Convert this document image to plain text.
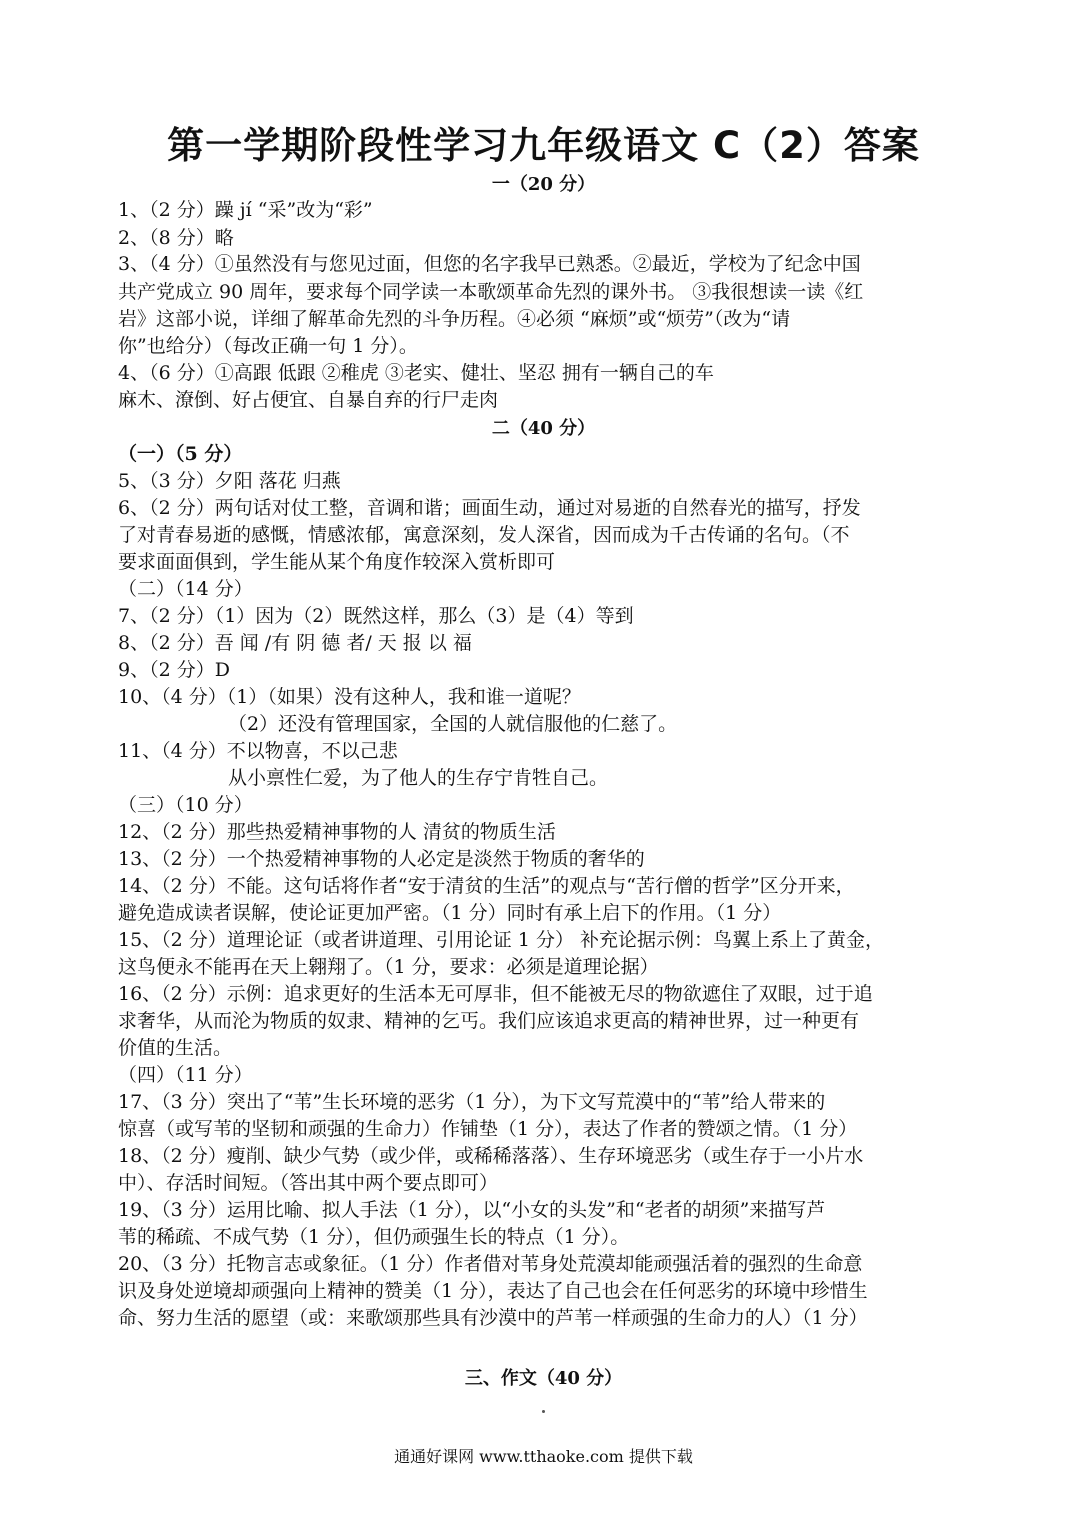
第一学期阶段性学习九年级语文 C（2）答案
一（20 分）
1、（2 分）躁 jí “采”改为“彩”
2、（8 分）略
3、（4 分）①虽然没有与您见过面，但您的名字我早已熟悉。②最近，学校为了纪念中国
共产党成立 90 周年，要求每个同学读一本歌颂革命先烈的课外书。 ③我很想读一读《红
岩》这部小说，详细了解革命先烈的斗争历程。④必须 “麻烦”或“烦劳”（改为“请
你”也给分）（每改正确一句 1 分）。
4、（6 分）①高跟 低跟 ②稚虎 ③老实、健壮、坚忍 拥有一辆自己的车
麻木、潦倒、好占便宜、自暴自弃的行尸走肉
二（40 分）
（一）（5 分）
5、（3 分）夕阳 落花 归燕
6、（2 分）两句话对仗工整，音调和谐；画面生动，通过对易逝的自然春光的描写，抒发
了对青春易逝的感慨，情感浓郁，寓意深刻，发人深省，因而成为千古传诵的名句。（不
要求面面俱到，学生能从某个角度作较深入赏析即可
（二）（14 分）
7、（2 分）（1）因为（2）既然这样，那么（3）是（4）等到
8、（2 分）吾 闻 /有 阴 德 者/ 天 报 以 福
9、（2 分）D
10、（4 分）（1）（如果）没有这种人，我和谁一道呢？
（2）还没有管理国家，全国的人就信服他的仁慈了。
11、（4 分）不以物喜，不以己悲
从小禀性仁爱，为了他人的生存宁肯牲自己。
（三）（10 分）
12、（2 分）那些热爱精神事物的人 清贫的物质生活
13、（2 分）一个热爱精神事物的人必定是淡然于物质的奢华的
14、（2 分）不能。这句话将作者“安于清贫的生活”的观点与“苦行僧的哲学”区分开来，
避免造成读者误解，使论证更加严密。（1 分）同时有承上启下的作用。（1 分）
15、（2 分）道理论证（或者讲道理、引用论证 1 分） 补充论据示例：鸟翼上系上了黄金，
这鸟便永不能再在天上翱翔了。（1 分，要求：必须是道理论据）
16、（2 分）示例：追求更好的生活本无可厚非，但不能被无尽的物欲遮住了双眼，过于追
求奢华，从而沦为物质的奴隶、精神的乞丐。我们应该追求更高的精神世界，过一种更有
价值的生活。
（四）（11 分）
17、（3 分）突出了“苇”生长环境的恶劣（1 分），为下文写荒漠中的“苇”给人带来的
惊喜（或写苇的坚韧和顽强的生命力）作铺垫（1 分），表达了作者的赞颂之情。（1 分）
18、（2 分）瘦削、缺少气势（或少伴，或稀稀落落）、生存环境恶劣（或生存于一小片水
中）、存活时间短。（答出其中两个要点即可）
19、（3 分）运用比喻、拟人手法（1 分），以“小女的头发”和“老者的胡须”来描写芦
苇的稀疏、不成气势（1 分），但仍顽强生长的特点（1 分）。
20、（3 分）托物言志或象征。（1 分）作者借对苇身处荒漠却能顽强活着的强烈的生命意
识及身处逆境却顽强向上精神的赞美（1 分），表达了自己也会在任何恶劣的环境中珍惜生
命、努力生活的愿望（或：来歌颂那些具有沙漠中的芦苇一样顽强的生命力的人）（1 分）
三、作文（40 分）
通通好课网 www.tthaoke.com 提供下载
